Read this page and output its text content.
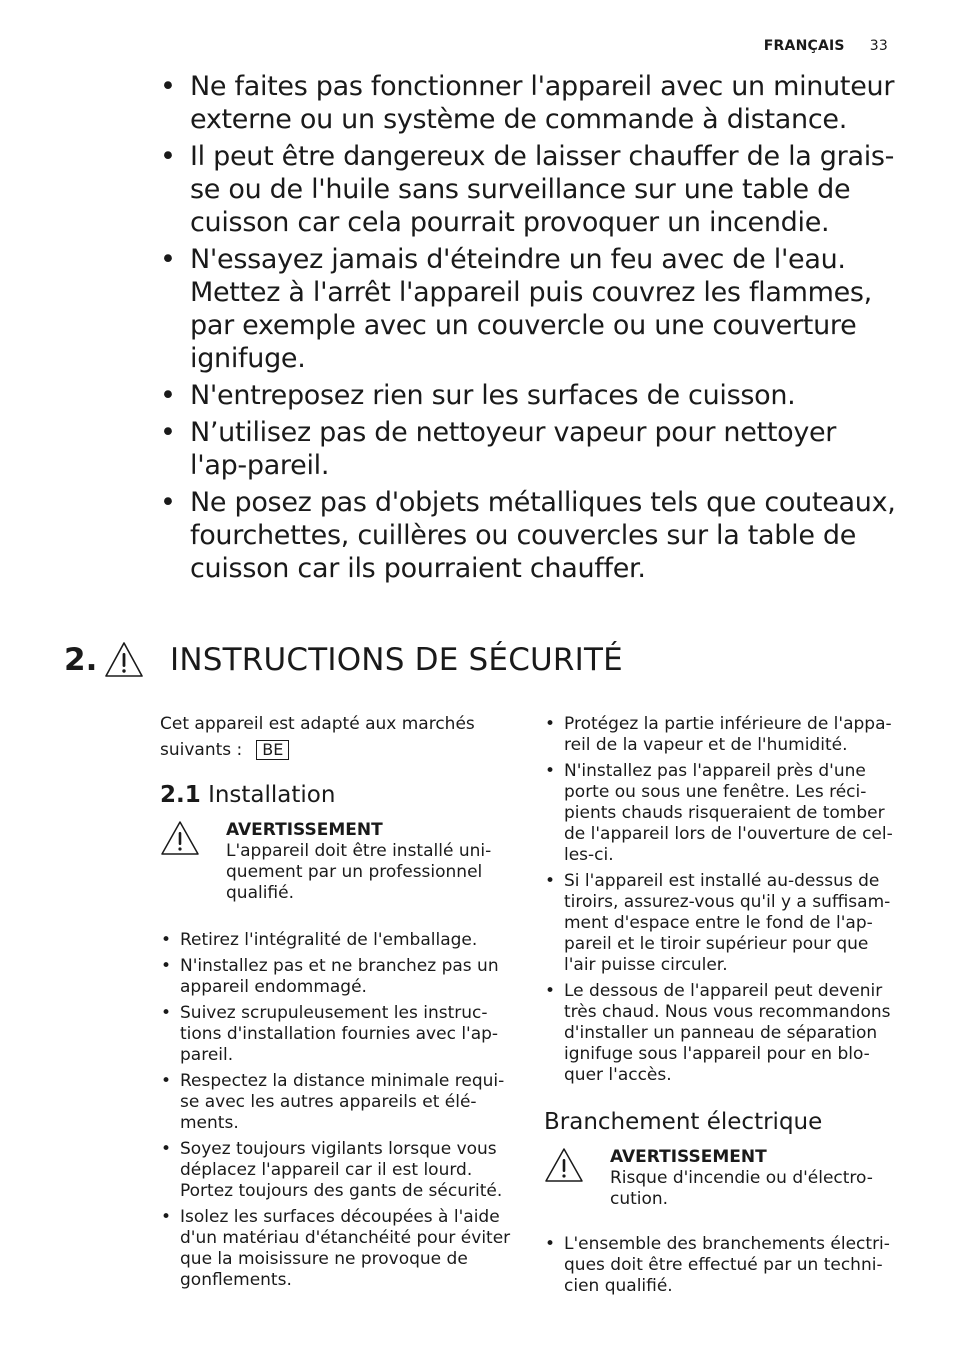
FRANÇAIS 33
• Ne faites pas fonctionner l'appareil avec un minuteur externe ou un système de commande à distance.
• Il peut être dangereux de laisser chauffer de la grais-se ou de l'huile sans surveillance sur une table de cuisson car cela pourrait provoquer un incendie.
• N'essayez jamais d'éteindre un feu avec de l'eau. Mettez à l'arrêt l'appareil puis couvrez les flammes, par exemple avec un couvercle ou une couverture ignifuge.
• N'entreposez rien sur les surfaces de cuisson.
• N’utilisez pas de nettoyeur vapeur pour nettoyer l'ap-pareil.
• Ne posez pas d'objets métalliques tels que couteaux, fourchettes, cuillères ou couvercles sur la table de cuisson car ils pourraient chauffer.
2. INSTRUCTIONS DE SÉCURITÉ

Cet appareil est adapté aux marchés

suivants : BE

2.1 Installation
AVERTISSEMENT

L'appareil doit être installé uni-quement par un professionnel qualifié.

• Retirez l'intégralité de l'emballage.
• N'installez pas et ne branchez pas un appareil endommagé.
• Suivez scrupuleusement les instruc-tions d'installation fournies avec l'ap-pareil.
• Respectez la distance minimale requi-se avec les autres appareils et élé-ments.
• Soyez toujours vigilants lorsque vous déplacez l'appareil car il est lourd. Portez toujours des gants de sécurité.
• Isolez les surfaces découpées à l'aide d'un matériau d'étanchéité pour éviter que la moisissure ne provoque de gonflements.
• Protégez la partie inférieure de l'appa-reil de la vapeur et de l'humidité.
• N'installez pas l'appareil près d'une porte ou sous une fenêtre. Les réci-pients chauds risqueraient de tomber de l'appareil lors de l'ouverture de cel-les-ci.
• Si l'appareil est installé au-dessus de tiroirs, assurez-vous qu'il y a suffisam-ment d'espace entre le fond de l'ap-pareil et le tiroir supérieur pour que l'air puisse circuler.
• Le dessous de l'appareil peut devenir très chaud. Nous vous recommandons d'installer un panneau de séparation ignifuge sous l'appareil pour en blo-quer l'accès.
Branchement électrique
AVERTISSEMENT

Risque d'incendie ou d'électro-cution.

• L'ensemble des branchements électri-ques doit être effectué par un techni-cien qualifié.
